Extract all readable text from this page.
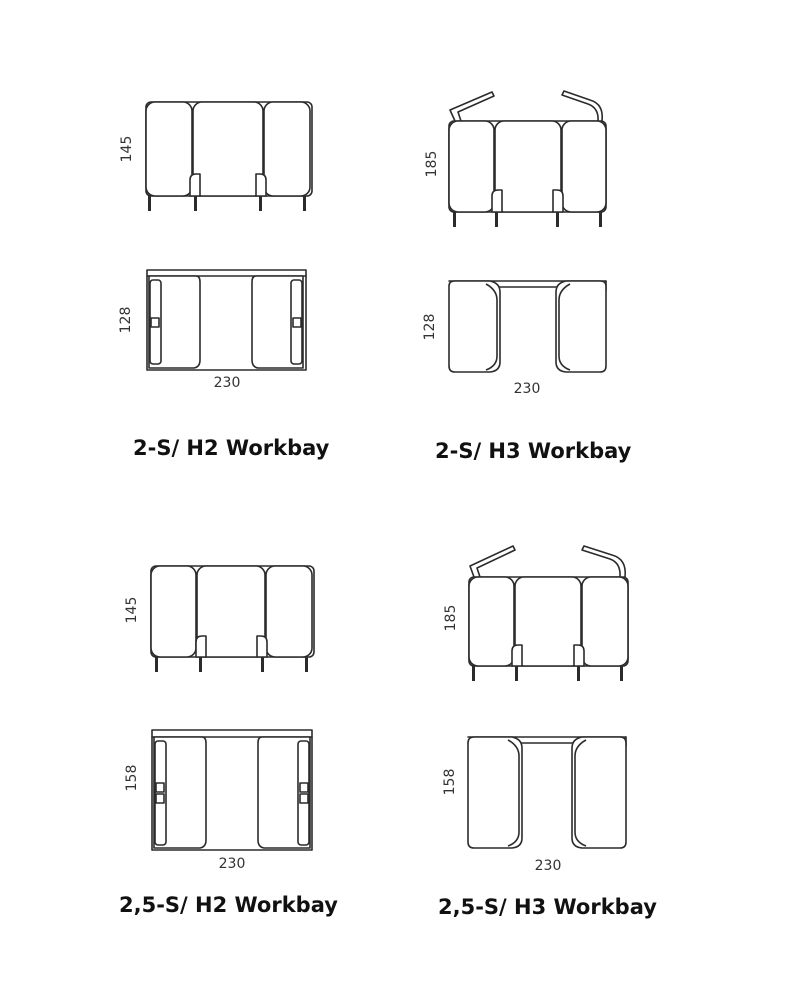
145
128
230
2-S/ H2 Workbay
185
128
230
2-S/ H3 Workbay
145
158
230
2,5-S/ H2 Workbay
185
158
230
2,5-S/ H3 Workbay
